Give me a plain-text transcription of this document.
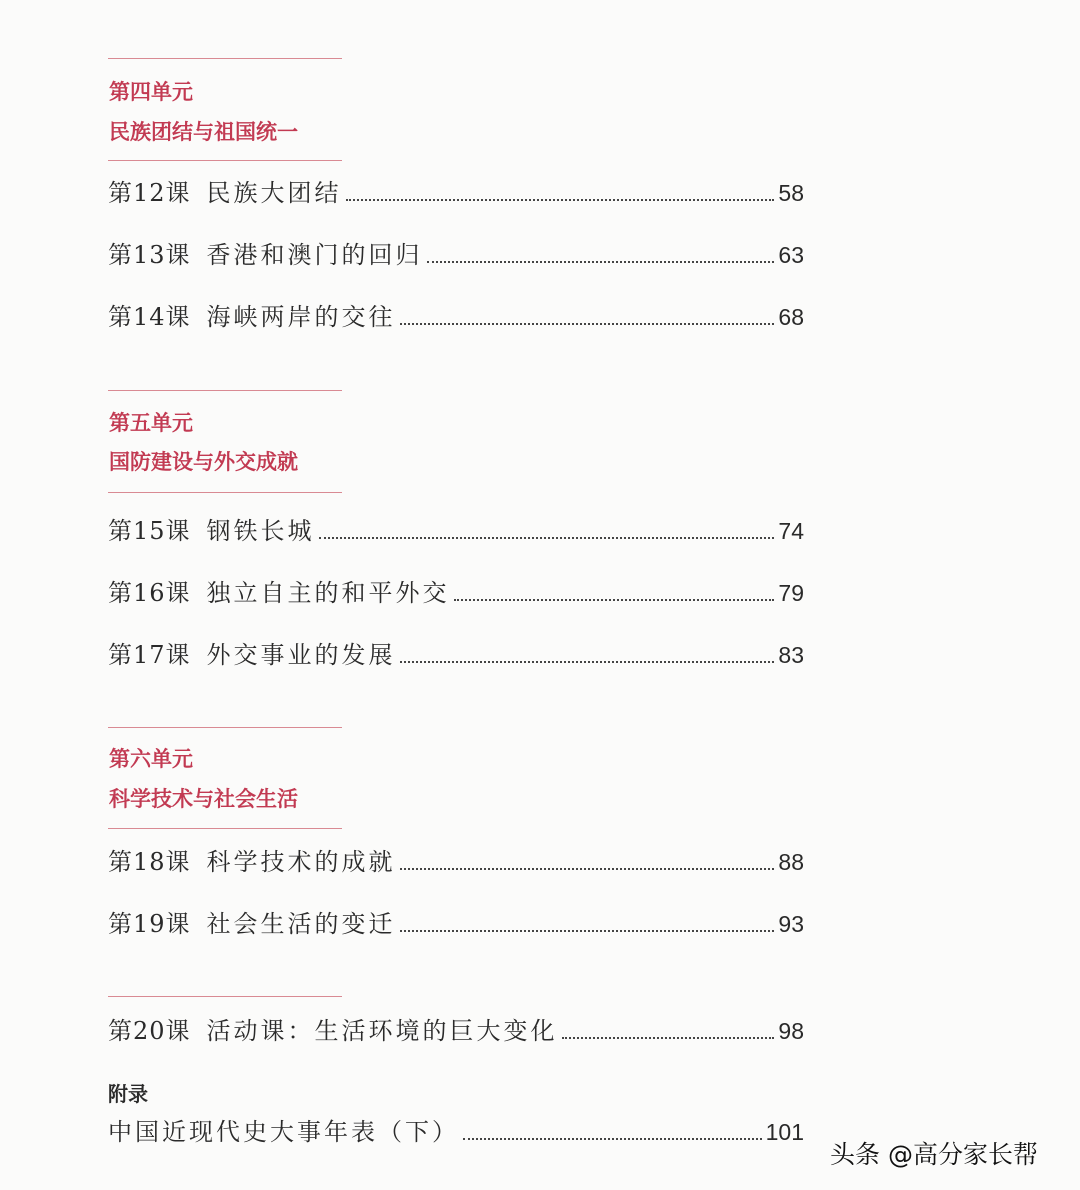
第四单元
民族团结与祖国统一
第12课 民族大团结	58
第13课 香港和澳门的回归	63
第14课 海峡两岸的交往	68
第五单元
国防建设与外交成就
第15课 钢铁长城	74
第16课 独立自主的和平外交	79
第17课 外交事业的发展	83
第六单元
科学技术与社会生活
第18课 科学技术的成就	88
第19课 社会生活的变迁	93
第20课 活动课：生活环境的巨大变化	98
附录
中国近现代史大事年表（下）	101
头条 @高分家长帮
